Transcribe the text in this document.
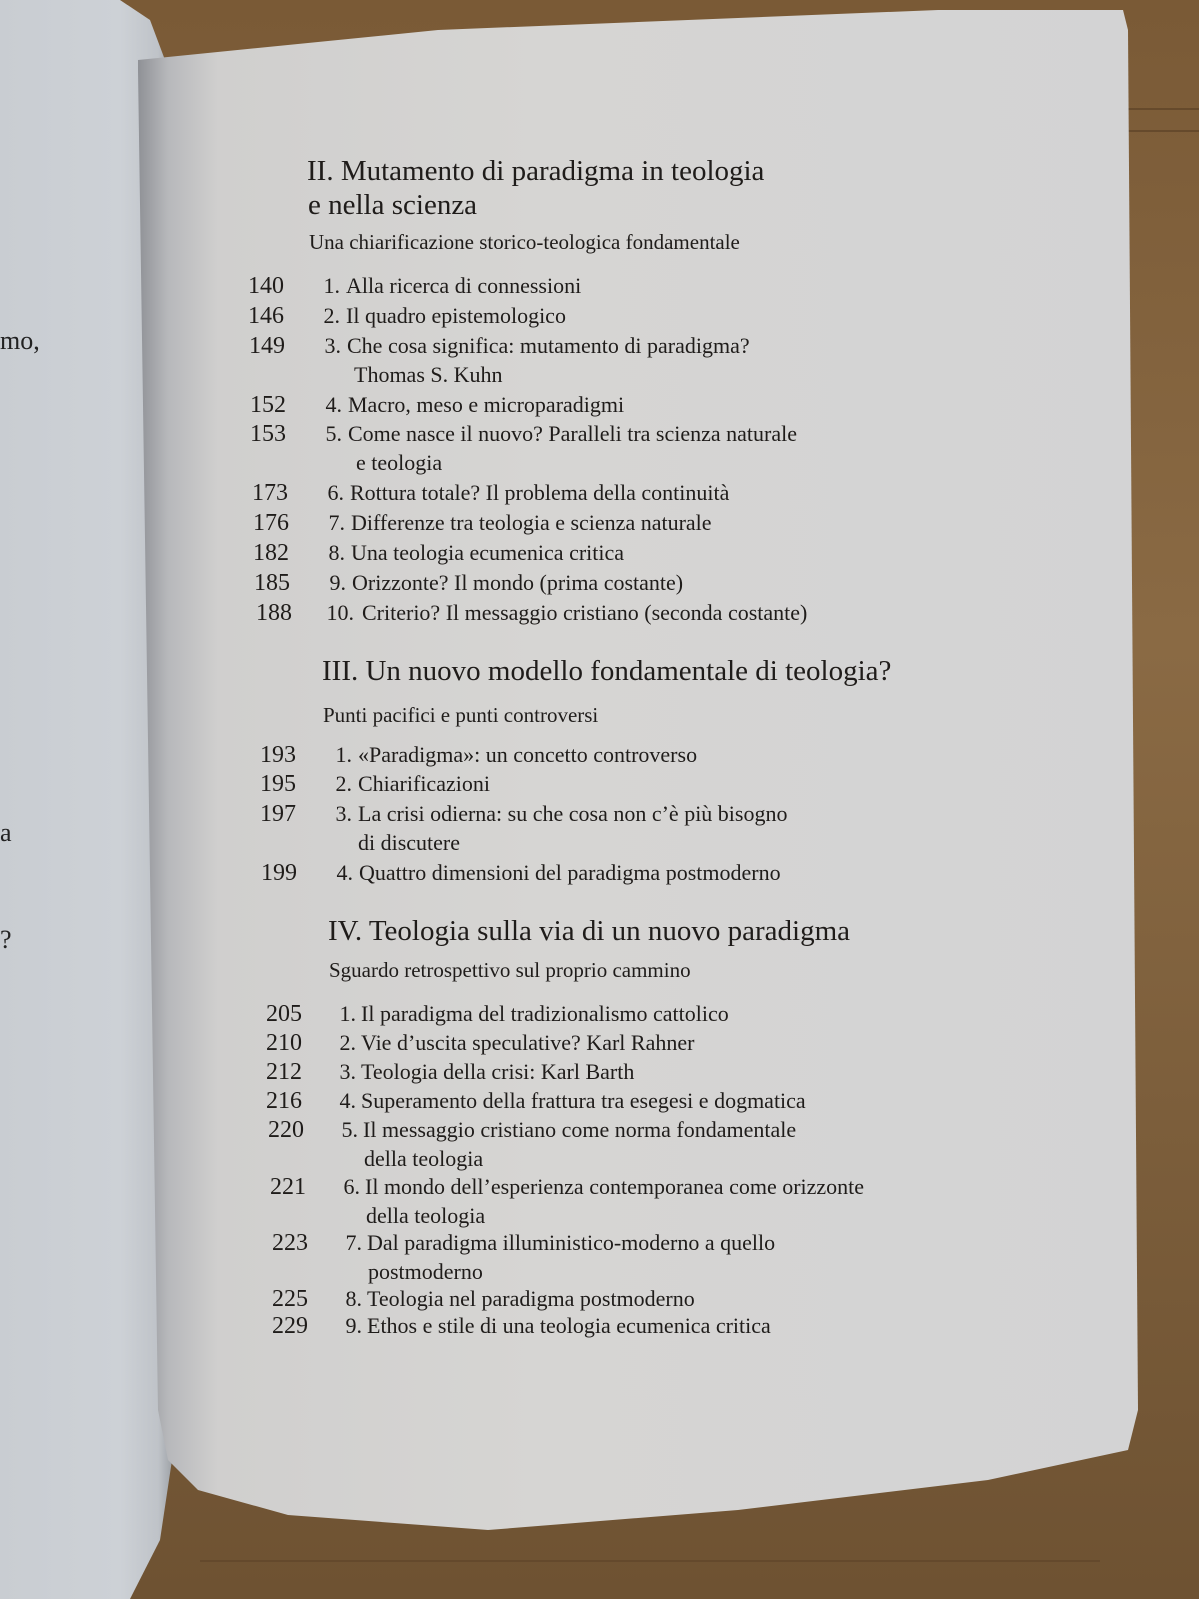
mo,
a
?
II. Mutamento di paradigma in teologia
e nella scienza
Una chiarificazione storico-teologica fondamentale
140	1. Alla ricerca di connessioni
146	2. Il quadro epistemologico
149	3. Che cosa significa: mutamento di paradigma?
Thomas S. Kuhn
152	4. Macro, meso e microparadigmi
153	5. Come nasce il nuovo? Paralleli tra scienza naturale
e teologia
173	6. Rottura totale? Il problema della continuità
176	7. Differenze tra teologia e scienza naturale
182	8. Una teologia ecumenica critica
185	9. Orizzonte? Il mondo (prima costante)
188	10. Criterio? Il messaggio cristiano (seconda costante)
III. Un nuovo modello fondamentale di teologia?
Punti pacifici e punti controversi
193	1. «Paradigma»: un concetto controverso
195	2. Chiarificazioni
197	3. La crisi odierna: su che cosa non c’è più bisogno
di discutere
199	4. Quattro dimensioni del paradigma postmoderno
IV. Teologia sulla via di un nuovo paradigma
Sguardo retrospettivo sul proprio cammino
205	1. Il paradigma del tradizionalismo cattolico
210	2. Vie d’uscita speculative? Karl Rahner
212	3. Teologia della crisi: Karl Barth
216	4. Superamento della frattura tra esegesi e dogmatica
220	5. Il messaggio cristiano come norma fondamentale
della teologia
221	6. Il mondo dell’esperienza contemporanea come orizzonte
della teologia
223	7. Dal paradigma illuministico-moderno a quello
postmoderno
225	8. Teologia nel paradigma postmoderno
229	9. Ethos e stile di una teologia ecumenica critica
